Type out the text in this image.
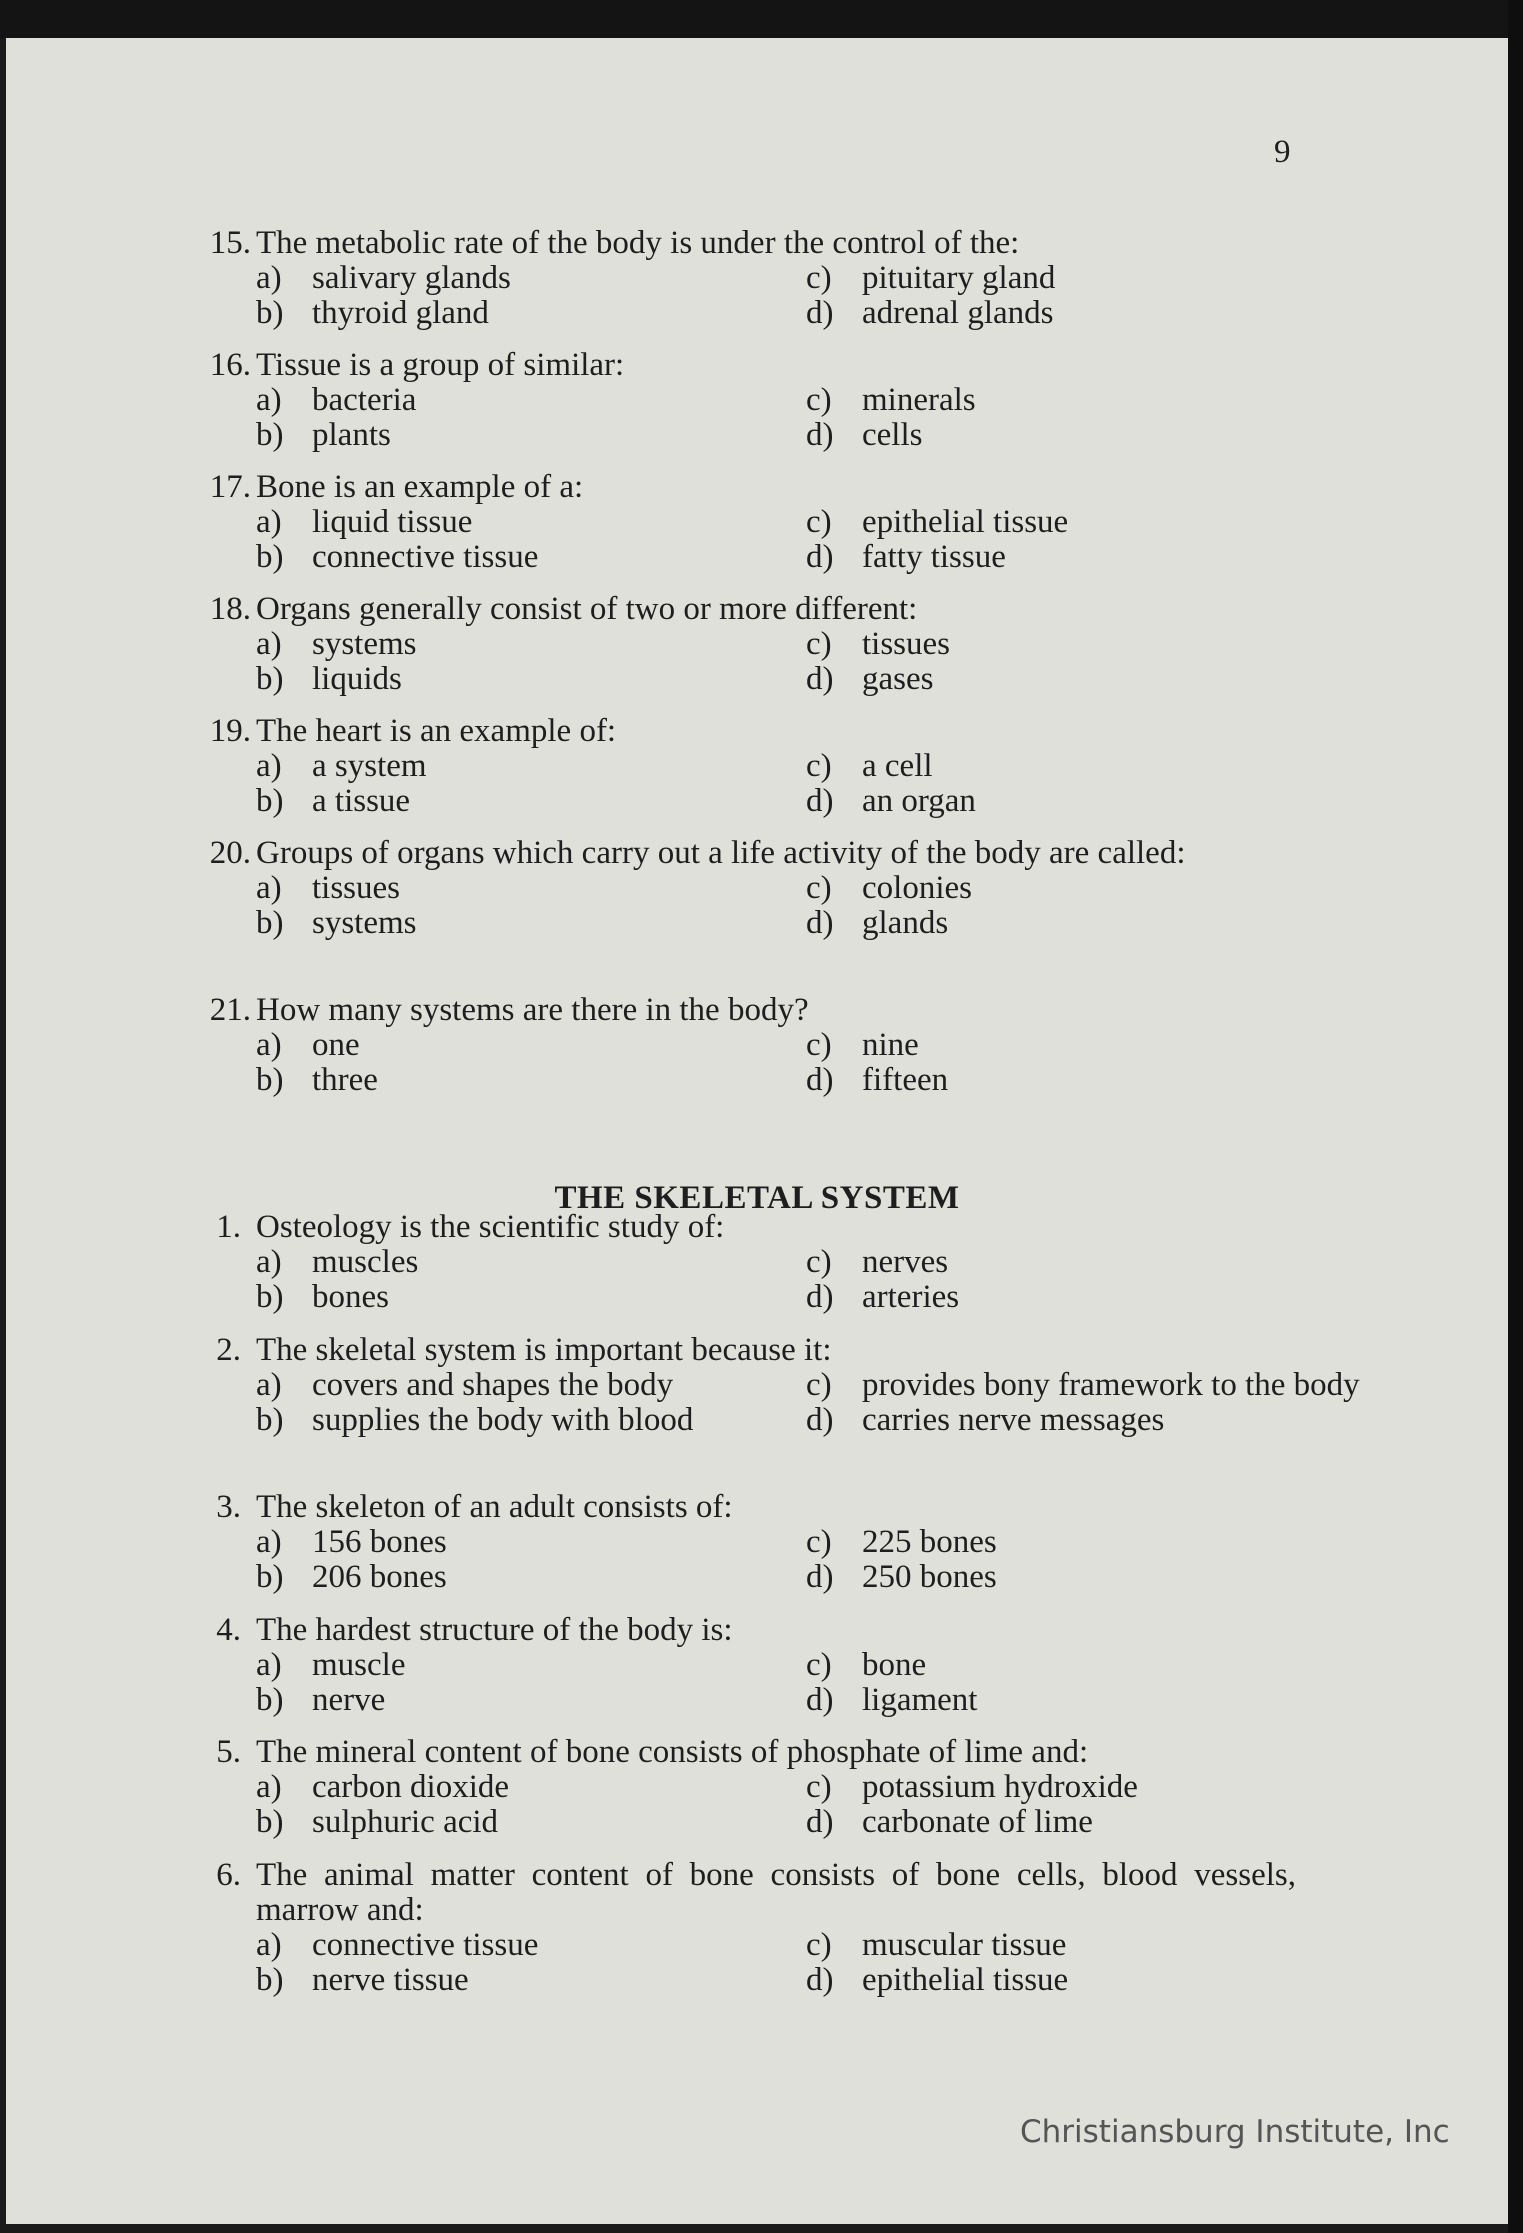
9
15. The metabolic rate of the body is under the control of the:
a) salivary glands	c) pituitary gland
b) thyroid gland	d) adrenal glands
16. Tissue is a group of similar:
a) bacteria	c) minerals
b) plants	d) cells
17. Bone is an example of a:
a) liquid tissue	c) epithelial tissue
b) connective tissue	d) fatty tissue
18. Organs generally consist of two or more different:
a) systems	c) tissues
b) liquids	d) gases
19. The heart is an example of:
a) a system	c) a cell
b) a tissue	d) an organ
20. Groups of organs which carry out a life activity of the body are called:
a) tissues	c) colonies
b) systems	d) glands
21. How many systems are there in the body?
a) one	c) nine
b) three	d) fifteen
THE SKELETAL SYSTEM
1. Osteology is the scientific study of:
a) muscles	c) nerves
b) bones	d) arteries
2. The skeletal system is important because it:
a) covers and shapes the body	c) provides bony framework to the body
b) supplies the body with blood	d) carries nerve messages
3. The skeleton of an adult consists of:
a) 156 bones	c) 225 bones
b) 206 bones	d) 250 bones
4. The hardest structure of the body is:
a) muscle	c) bone
b) nerve	d) ligament
5. The mineral content of bone consists of phosphate of lime and:
a) carbon dioxide	c) potassium hydroxide
b) sulphuric acid	d) carbonate of lime
6. The animal matter content of bone consists of bone cells, blood vessels, marrow and:
a) connective tissue	c) muscular tissue
b) nerve tissue	d) epithelial tissue
Christiansburg Institute, Inc
